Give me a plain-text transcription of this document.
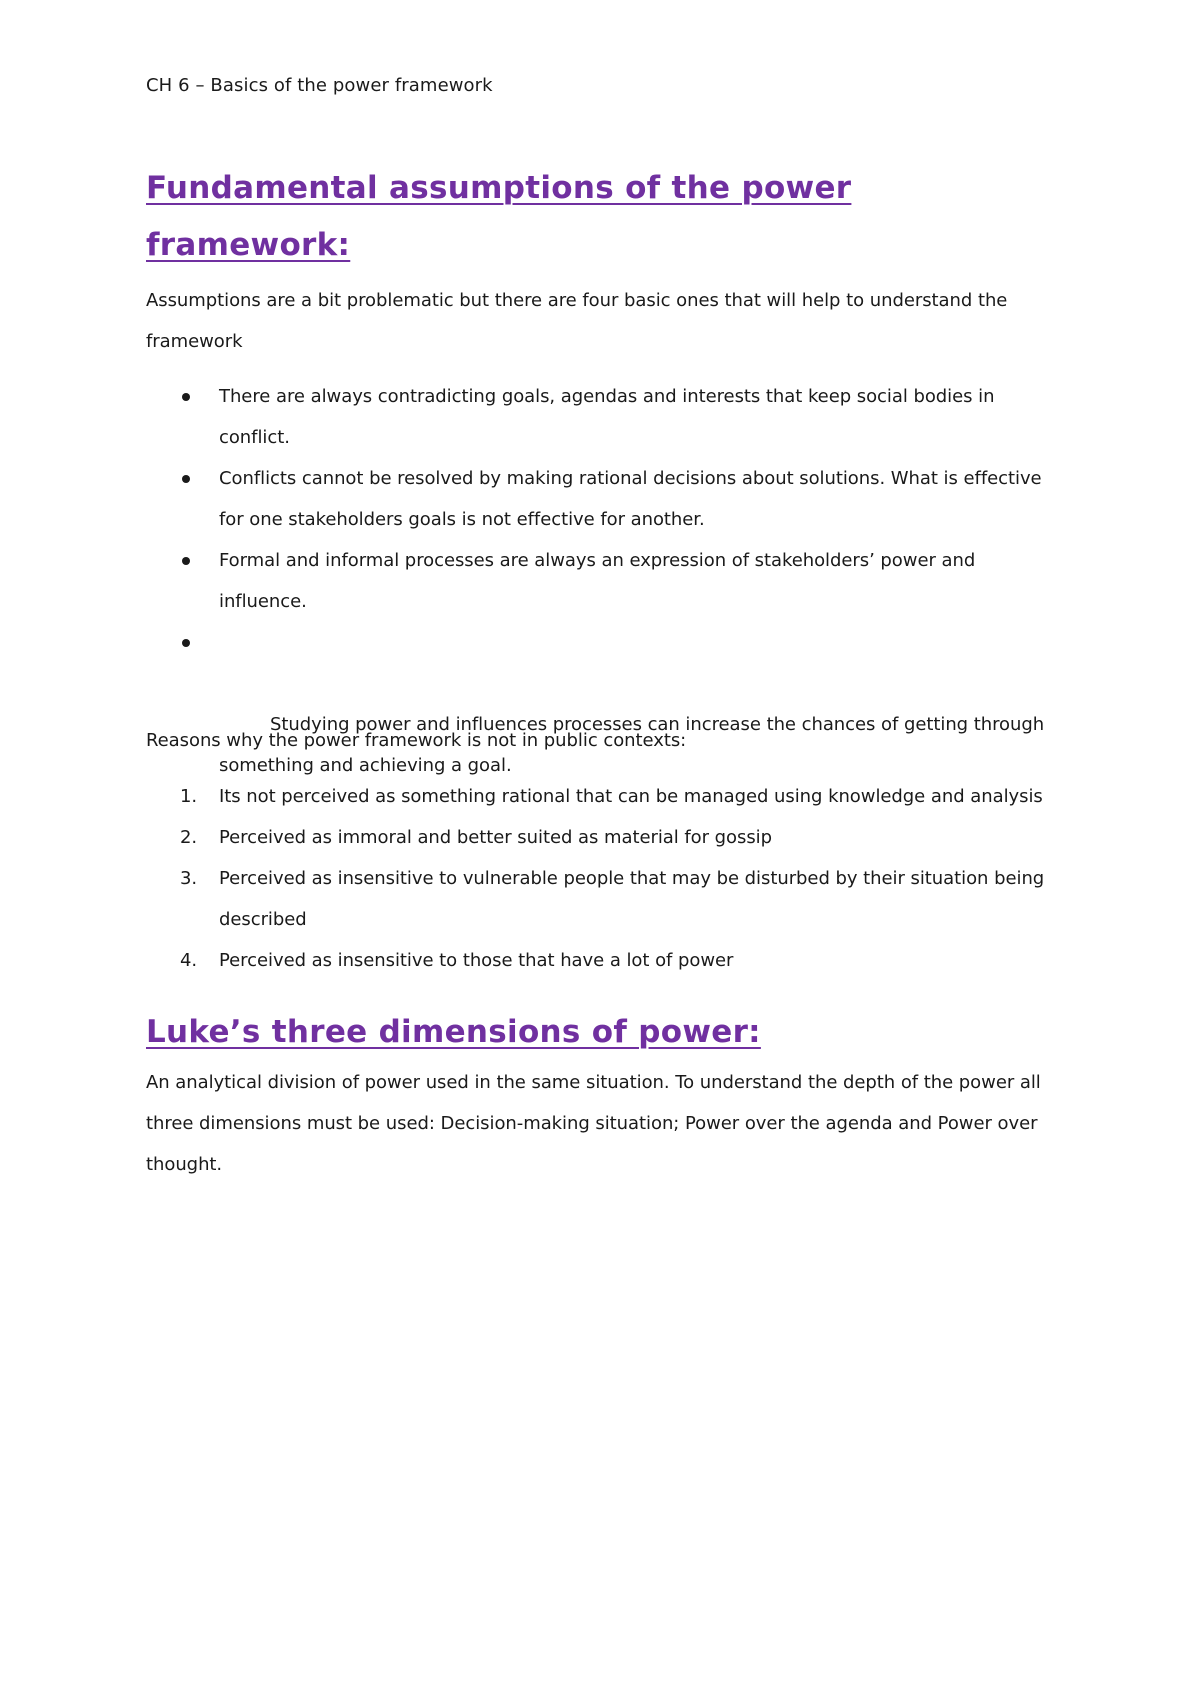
CH 6 – Basics of the power framework
Fundamental assumptions of the power framework:

Assumptions are a bit problematic but there are four basic ones that will help to understand the framework

There are always contradicting goals, agendas and interests that keep social bodies in conflict.
Conflicts cannot be resolved by making rational decisions about solutions. What is effective for one stakeholders goals is not effective for another.
Formal and informal processes are always an expression of stakeholders’ power and influence.

Studying power and influences processes can increase the chances of getting through something and achieving a goal.

Reasons why the power framework is not in public contexts:

1. Its not perceived as something rational that can be managed using knowledge and analysis
2. Perceived as immoral and better suited as material for gossip
3. Perceived as insensitive to vulnerable people that may be disturbed by their situation being described
4. Perceived as insensitive to those that have a lot of power
Luke’s three dimensions of power:

An analytical division of power used in the same situation. To understand the depth of the power all three dimensions must be used: Decision-making situation; Power over the agenda and Power over thought.
